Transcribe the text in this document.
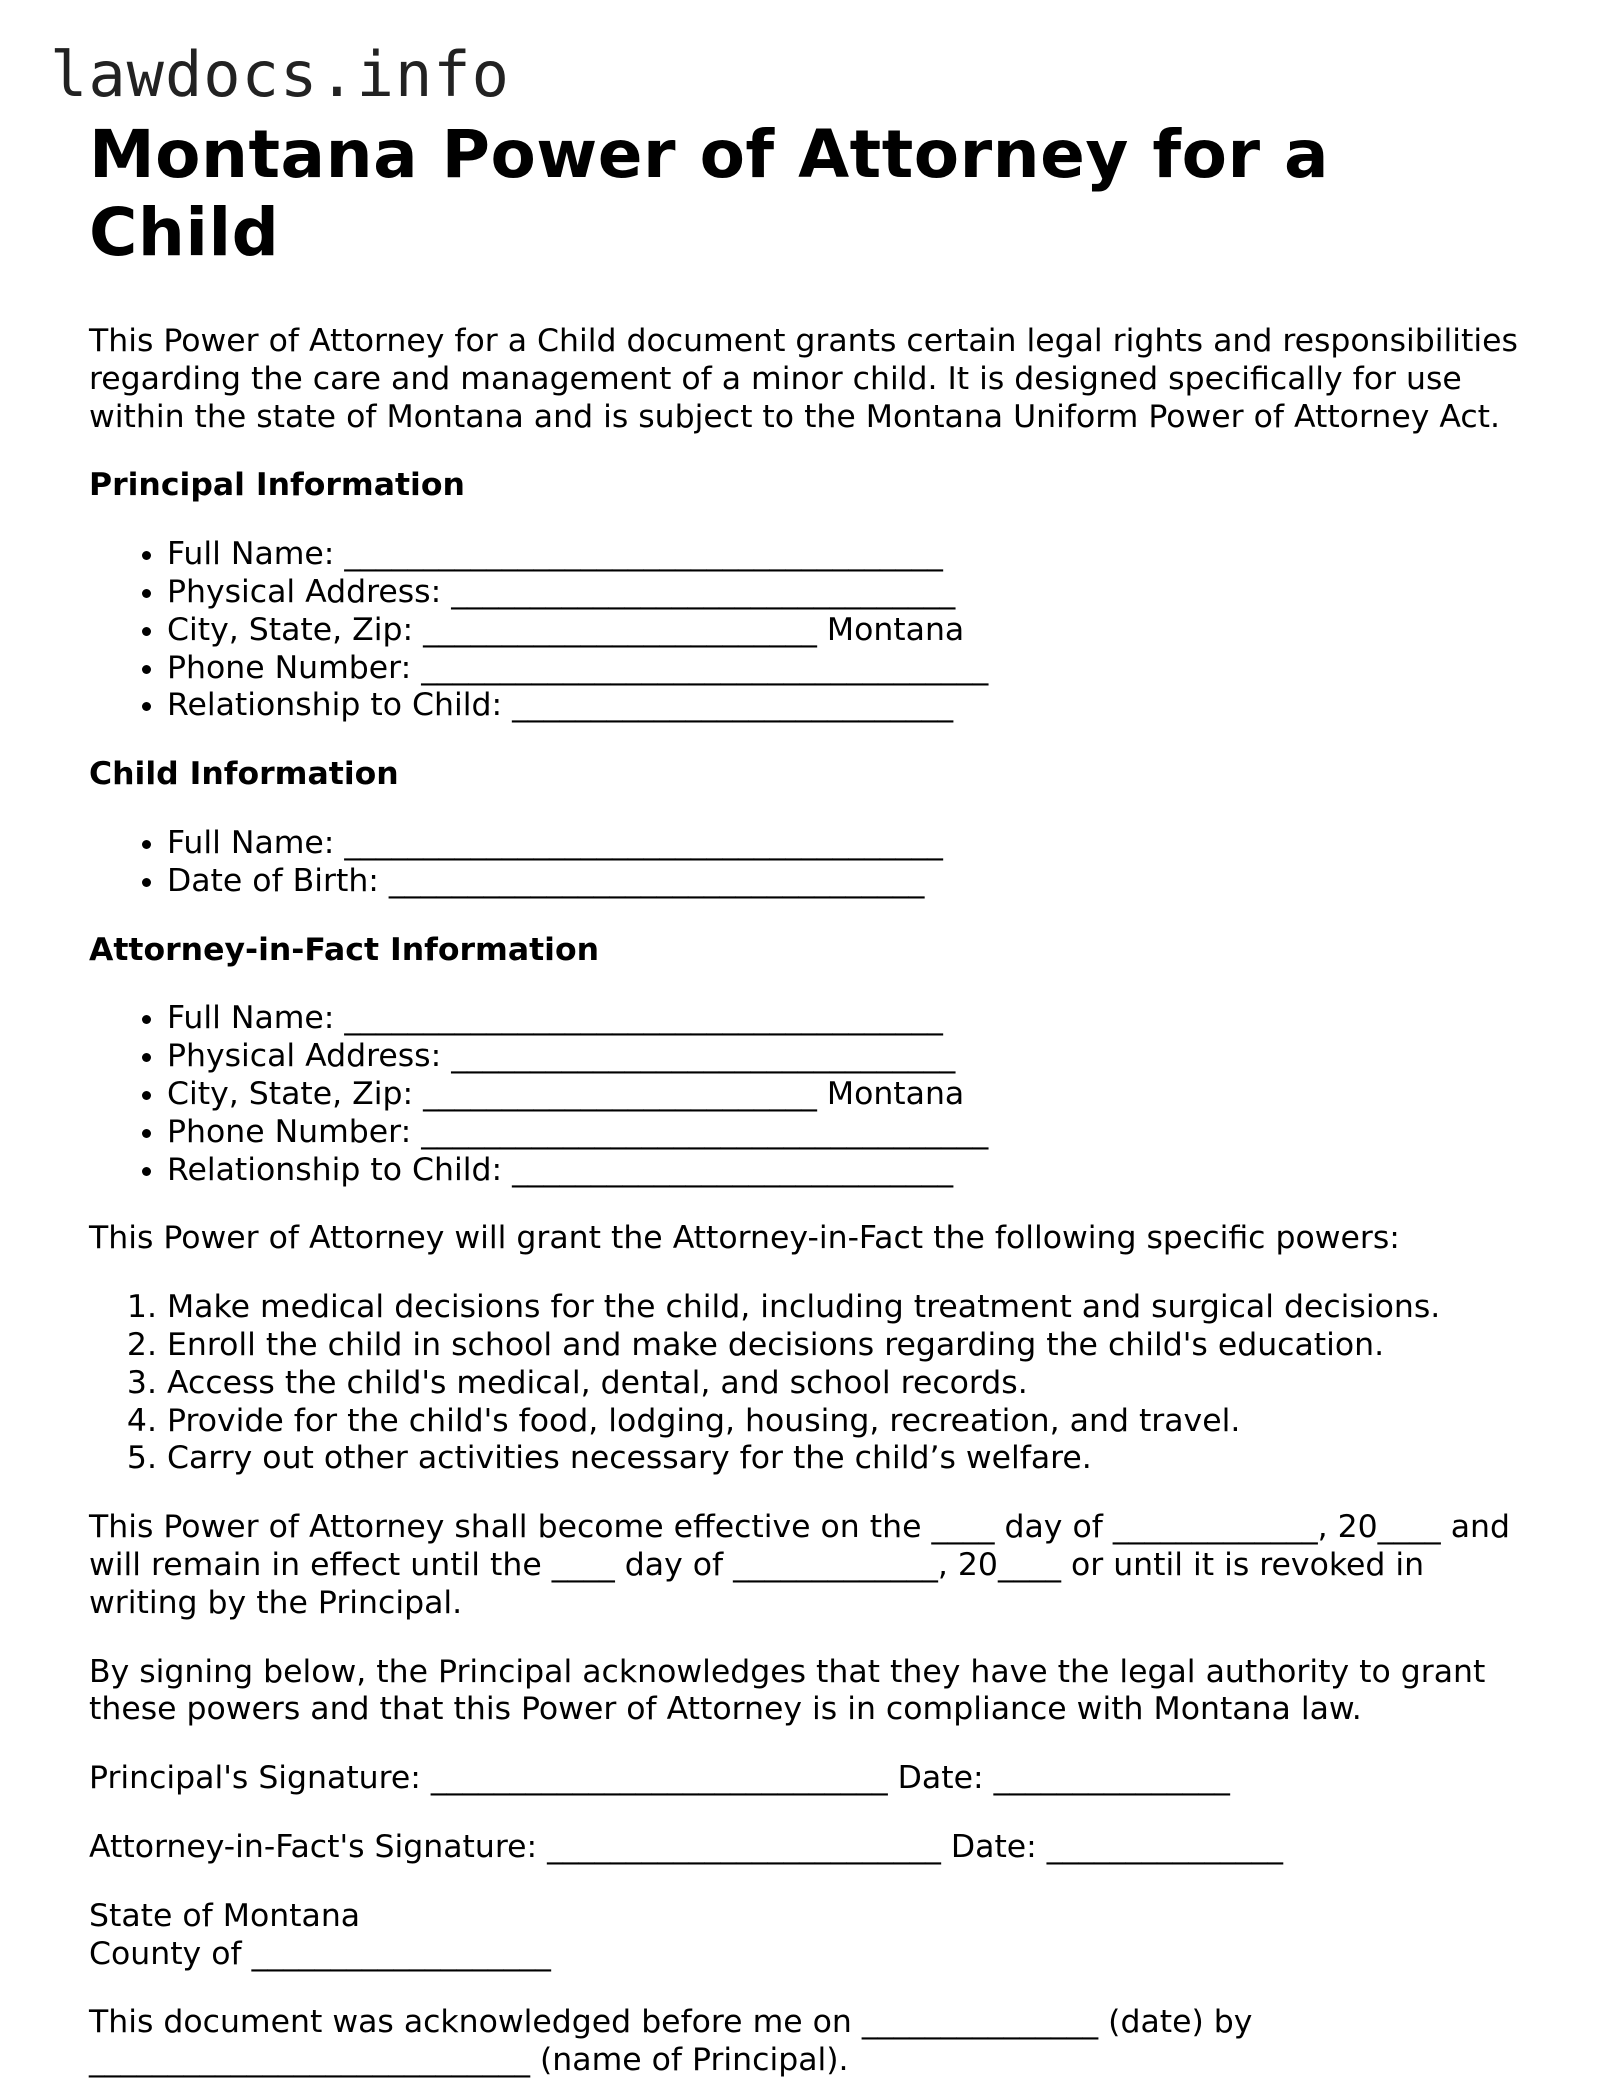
lawdocs.info
Montana Power of Attorney for a Child

This Power of Attorney for a Child document grants certain legal rights and responsibilities regarding the care and management of a minor child. It is designed specifically for use within the state of Montana and is subject to the Montana Uniform Power of Attorney Act.

Principal Information
• Full Name: ______________________________________
• Physical Address: ________________________________
• City, State, Zip: _________________________ Montana
• Phone Number: ____________________________________
• Relationship to Child: ____________________________
Child Information
• Full Name: ______________________________________
• Date of Birth: __________________________________
Attorney-in-Fact Information
• Full Name: ______________________________________
• Physical Address: ________________________________
• City, State, Zip: _________________________ Montana
• Phone Number: ____________________________________
• Relationship to Child: ____________________________

This Power of Attorney will grant the Attorney-in-Fact the following specific powers:

1. Make medical decisions for the child, including treatment and surgical decisions.
2. Enroll the child in school and make decisions regarding the child's education.
3. Access the child's medical, dental, and school records.
4. Provide for the child's food, lodging, housing, recreation, and travel.
5. Carry out other activities necessary for the child’s welfare.

This Power of Attorney shall become effective on the ____ day of _____________, 20____ and will remain in effect until the ____ day of _____________, 20____ or until it is revoked in writing by the Principal.

By signing below, the Principal acknowledges that they have the legal authority to grant these powers and that this Power of Attorney is in compliance with Montana law.

Principal's Signature: _____________________________ Date: _______________

Attorney-in-Fact's Signature: _________________________ Date: _______________

State of Montana
County of ___________________

This document was acknowledged before me on _______________ (date) by ____________________________ (name of Principal).
